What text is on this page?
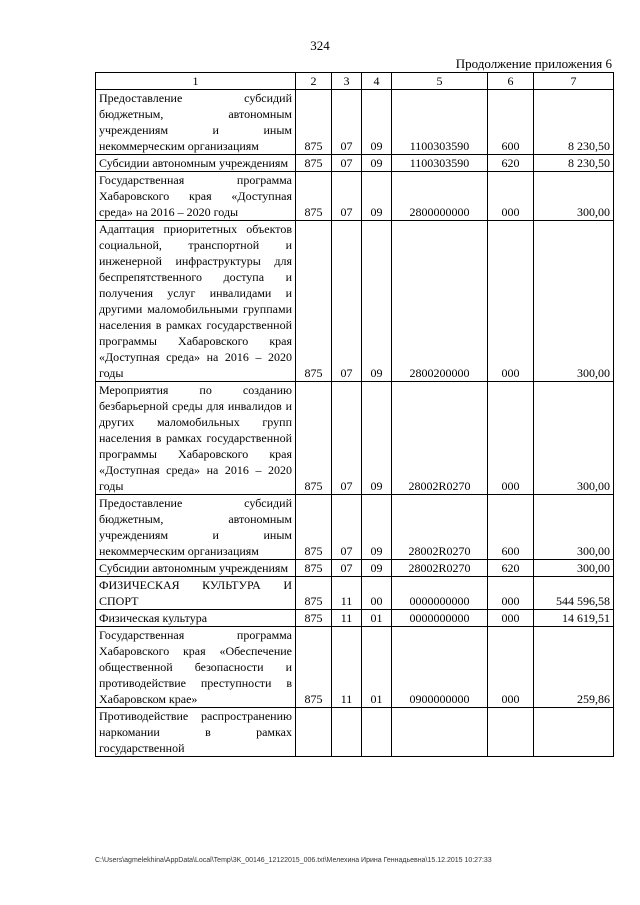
324
Продолжение приложения 6
1	2	3	4	5	6	7
Предоставление субсидий бюджетным, автономным учреждениям и иным некоммерческим организациям	875	07	09	1100303590	600	8 230,50
Субсидии автономным учреждениям	875	07	09	1100303590	620	8 230,50
Государственная программа Хабаровского края «Доступная среда» на 2016 – 2020 годы	875	07	09	2800000000	000	300,00
Адаптация приоритетных объектов социальной, транспортной и инженерной инфраструктуры для беспрепятственного доступа и получения услуг инвалидами и другими маломобильными группами населения в рамках государственной программы Хабаровского края «Доступная среда» на 2016 – 2020 годы	875	07	09	2800200000	000	300,00
Мероприятия по созданию безбарьерной среды для инвалидов и других маломобильных групп населения в рамках государственной программы Хабаровского края «Доступная среда» на 2016 – 2020 годы	875	07	09	28002R0270	000	300,00
Предоставление субсидий бюджетным, автономным учреждениям и иным некоммерческим организациям	875	07	09	28002R0270	600	300,00
Субсидии автономным учреждениям	875	07	09	28002R0270	620	300,00
ФИЗИЧЕСКАЯ КУЛЬТУРА И СПОРТ	875	11	00	0000000000	000	544 596,58
Физическая культура	875	11	01	0000000000	000	14 619,51
Государственная программа Хабаровского края «Обеспечение общественной безопасности и противодействие преступности в Хабаровском крае»	875	11	01	0900000000	000	259,86
Противодействие распространению наркомании в рамках государственной						
C:\Users\agmelekhina\AppData\Local\Temp\3K_00146_12122015_006.txt\Мелехина Ирина Геннадьевна\15.12.2015 10:27:33
